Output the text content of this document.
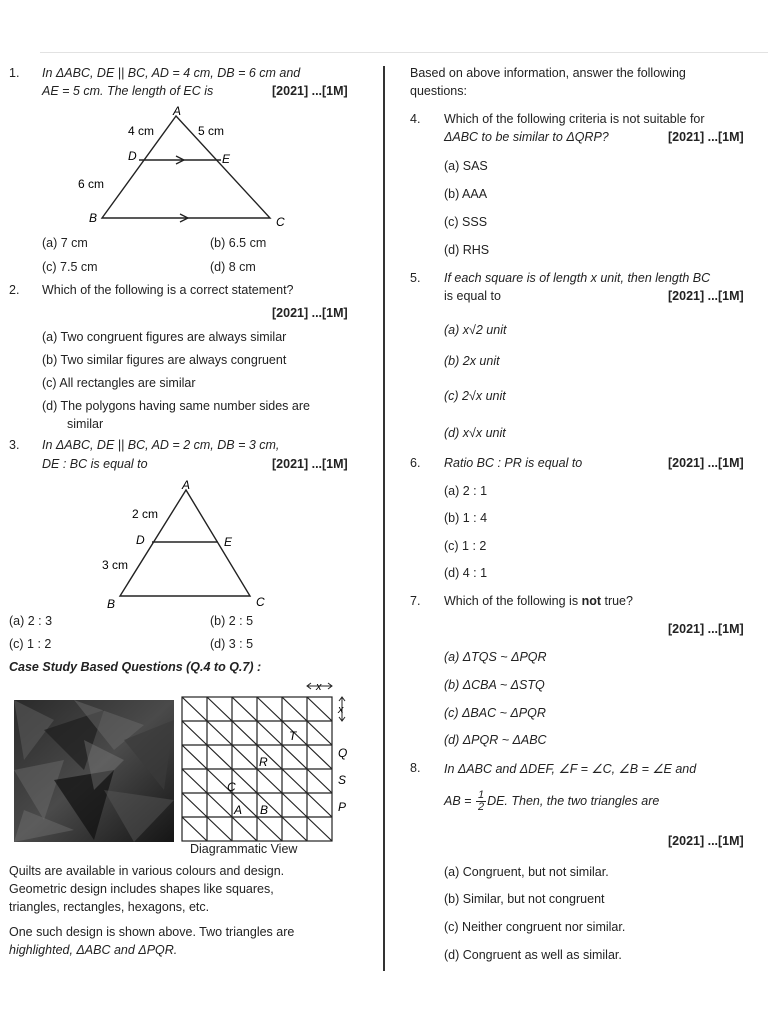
1. In ΔABC, DE || BC, AD = 4 cm, DB = 6 cm and
AE = 5 cm. The length of EC is	[2021] ...[1M]
A
D	E
B	C
4 cm	5 cm
6 cm
(a) 7 cm	(b) 6.5 cm
(c) 7.5 cm	(d) 8 cm
2. Which of the following is a correct statement?
[2021] ...[1M]
(a) Two congruent figures are always similar
(b) Two similar figures are always congruent
(c) All rectangles are similar
(d) The polygons having same number sides are
similar
3. In ΔABC, DE || BC, AD = 2 cm, DB = 3 cm,
DE : BC is equal to	[2021] ...[1M]
A
D	E
B	C
2 cm
3 cm
(a) 2 : 3	(b) 2 : 5
(c) 1 : 2	(d) 3 : 5
Case Study Based Questions (Q.4 to Q.7) :
x
x
T
R
Q
S
C
P
A B
Diagrammatic View
Quilts are available in various colours and design.
Geometric design includes shapes like squares,
triangles, rectangles, hexagons, etc.
One such design is shown above. Two triangles are
highlighted, ΔABC and ΔPQR.
Based on above information, answer the following
questions:
4. Which of the following criteria is not suitable for
ΔABC to be similar to ΔQRP?	[2021] ...[1M]
(a) SAS
(b) AAA
(c) SSS
(d) RHS
5. If each square is of length x unit, then length BC
is equal to	[2021] ...[1M]
(a) x√2 unit
(b) 2x unit
(c) 2√x unit
(d) x√x unit
6. Ratio BC : PR is equal to	[2021] ...[1M]
(a) 2 : 1
(b) 1 : 4
(c) 1 : 2
(d) 4 : 1
7. Which of the following is not true?
[2021] ...[1M]
(a) ΔTQS ~ ΔPQR
(b) ΔCBA ~ ΔSTQ
(c) ΔBAC ~ ΔPQR
(d) ΔPQR ~ ΔABC
8. In ΔABC and ΔDEF, ∠F = ∠C, ∠B = ∠E and
AB = $\frac{1}{2}$ DE. Then, the two triangles are
[2021] ...[1M]
(a) Congruent, but not similar.
(b) Similar, but not congruent
(c) Neither congruent nor similar.
(d) Congruent as well as similar.
